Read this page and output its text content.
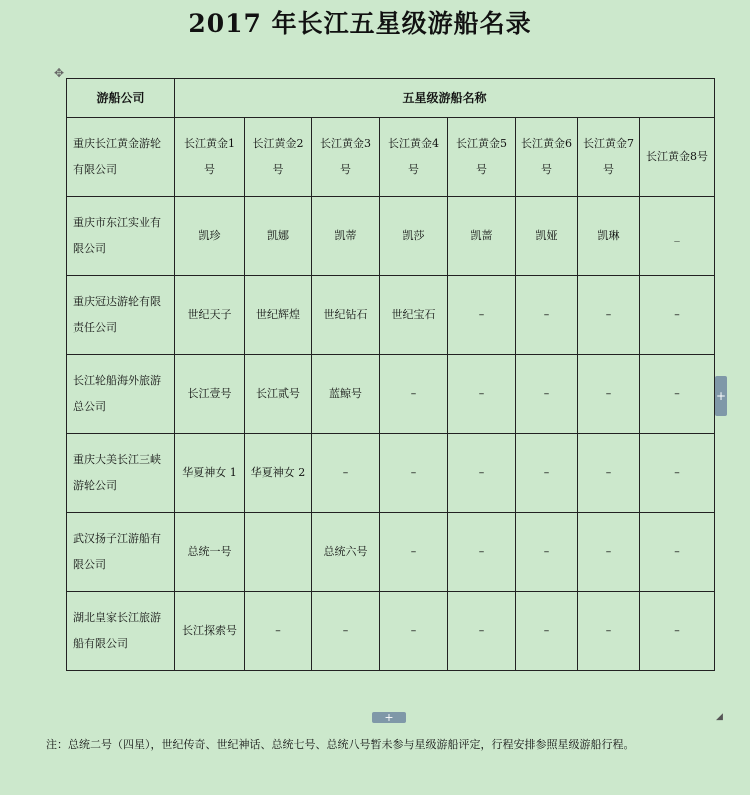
2017 年长江五星级游船名录
✥
游船公司	五星级游船名称							
重庆长江黄金游轮有限公司	长江黄金1号	长江黄金2号	长江黄金3号	长江黄金4号	长江黄金5号	长江黄金6号	长江黄金7号	长江黄金8号
重庆市东江实业有限公司	凯珍	凯娜	凯蒂	凯莎	凯蔷	凯娅	凯琳	_
重庆冠达游轮有限责任公司	世纪天子	世纪辉煌	世纪钻石	世纪宝石	–	–	–	–
长江轮船海外旅游总公司	长江壹号	长江贰号	蓝鲸号	–	–	–	–	–
重庆大美长江三峡游轮公司	华夏神女 1	华夏神女 2	–	–	–	–	–	–
武汉扬子江游船有限公司	总统一号		总统六号	–	–	–	–	–
湖北皇家长江旅游船有限公司	长江探索号	–	–	–	–	–	–	–
+
+	◢
注：总统二号（四星），世纪传奇、世纪神话、总统七号、总统八号暂未参与星级游船评定，行程安排参照星级游船行程。
